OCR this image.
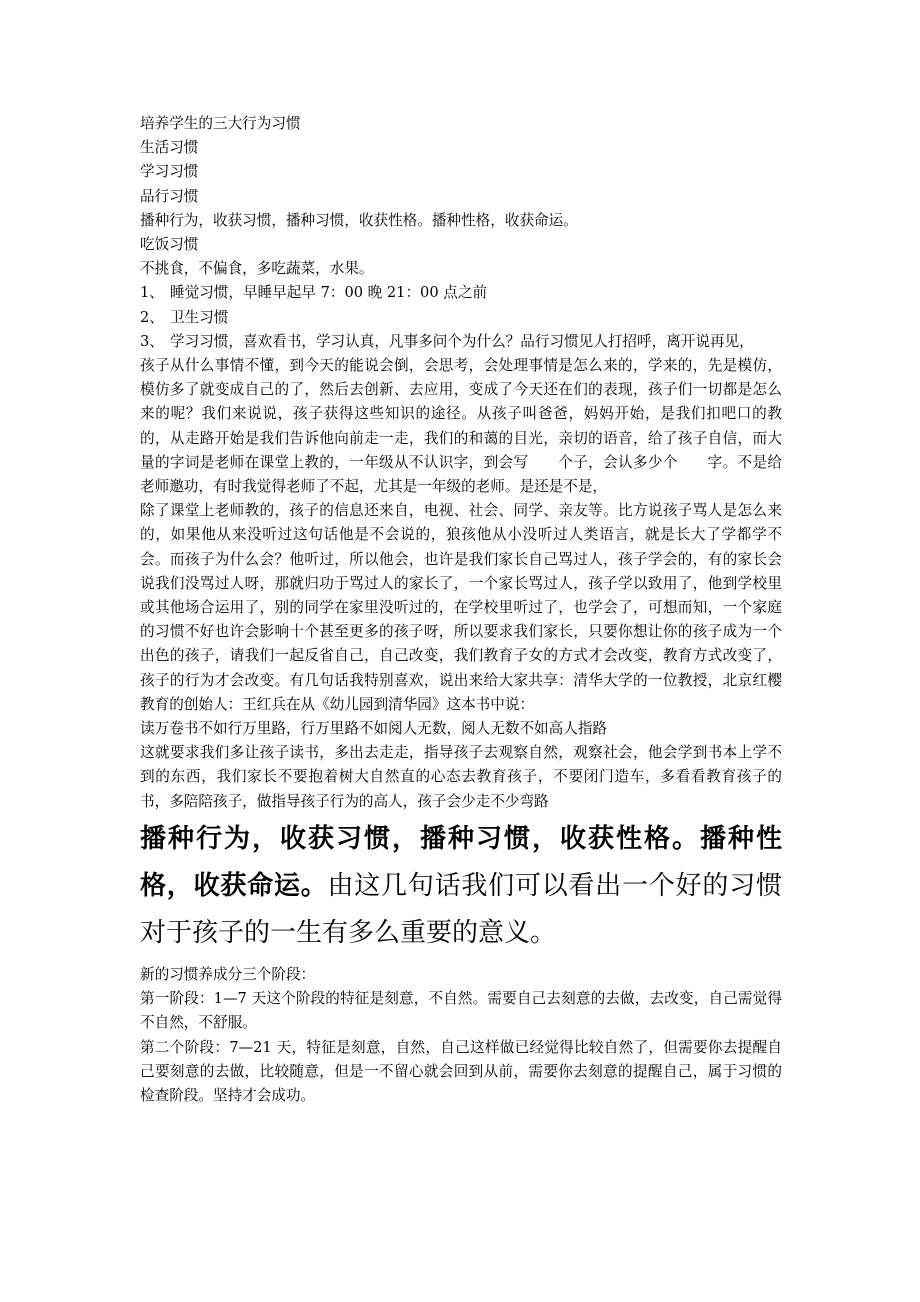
培养学生的三大行为习惯

生活习惯

学习习惯

品行习惯

播种行为，收获习惯，播种习惯，收获性格。播种性格，收获命运。

吃饭习惯

不挑食，不偏食，多吃蔬菜，水果。

1、 睡觉习惯，早睡早起早 7：00 晚 21：00 点之前
2、 卫生习惯
3、 学习习惯，喜欢看书，学习认真，凡事多问个为什么？品行习惯见人打招呼，离开说再见，

孩子从什么事情不懂，到今天的能说会倒，会思考，会处理事情是怎么来的，学来的，先是模仿，模仿多了就变成自己的了，然后去创新、去应用，变成了今天还在们的表现，孩子们一切都是怎么来的呢？我们来说说，孩子获得这些知识的途径。从孩子叫爸爸，妈妈开始，是我们扣吧口的教的，从走路开始是我们告诉他向前走一走，我们的和蔼的目光，亲切的语音，给了孩子自信，而大量的字词是老师在课堂上教的，一年级从不认识字，到会写　　个子，会认多少个　　字。不是给老师邀功，有时我觉得老师了不起，尤其是一年级的老师。是还是不是，

除了课堂上老师教的，孩子的信息还来自，电视、社会、同学、亲友等。比方说孩子骂人是怎么来的，如果他从来没听过这句话他是不会说的，狼孩他从小没听过人类语言，就是长大了学都学不会。而孩子为什么会？他听过，所以他会，也许是我们家长自己骂过人，孩子学会的，有的家长会说我们没骂过人呀，那就归功于骂过人的家长了，一个家长骂过人，孩子学以致用了，他到学校里或其他场合运用了，别的同学在家里没听过的，在学校里听过了，也学会了，可想而知，一个家庭的习惯不好也许会影响十个甚至更多的孩子呀，所以要求我们家长，只要你想让你的孩子成为一个出色的孩子，请我们一起反省自己，自己改变，我们教育子女的方式才会改变，教育方式改变了，孩子的行为才会改变。有几句话我特别喜欢，说出来给大家共享：清华大学的一位教授，北京红樱教育的创始人：王红兵在从《幼儿园到清华园》这本书中说：

读万卷书不如行万里路，行万里路不如阅人无数，阅人无数不如高人指路

这就要求我们多让孩子读书，多出去走走，指导孩子去观察自然，观察社会，他会学到书本上学不到的东西，我们家长不要抱着树大自然直的心态去教育孩子，不要闭门造车，多看看教育孩子的书，多陪陪孩子，做指导孩子行为的高人，孩子会少走不少弯路

播种行为，收获习惯，播种习惯，收获性格。播种性格，收获命运。由这几句话我们可以看出一个好的习惯对于孩子的一生有多么重要的意义。

新的习惯养成分三个阶段：

第一阶段：1—7 天这个阶段的特征是刻意，不自然。需要自己去刻意的去做，去改变，自己需觉得不自然，不舒服。

第二个阶段：7—21 天，特征是刻意，自然，自己这样做已经觉得比较自然了，但需要你去提醒自己要刻意的去做，比较随意，但是一不留心就会回到从前，需要你去刻意的提醒自己，属于习惯的检查阶段。坚持才会成功。
